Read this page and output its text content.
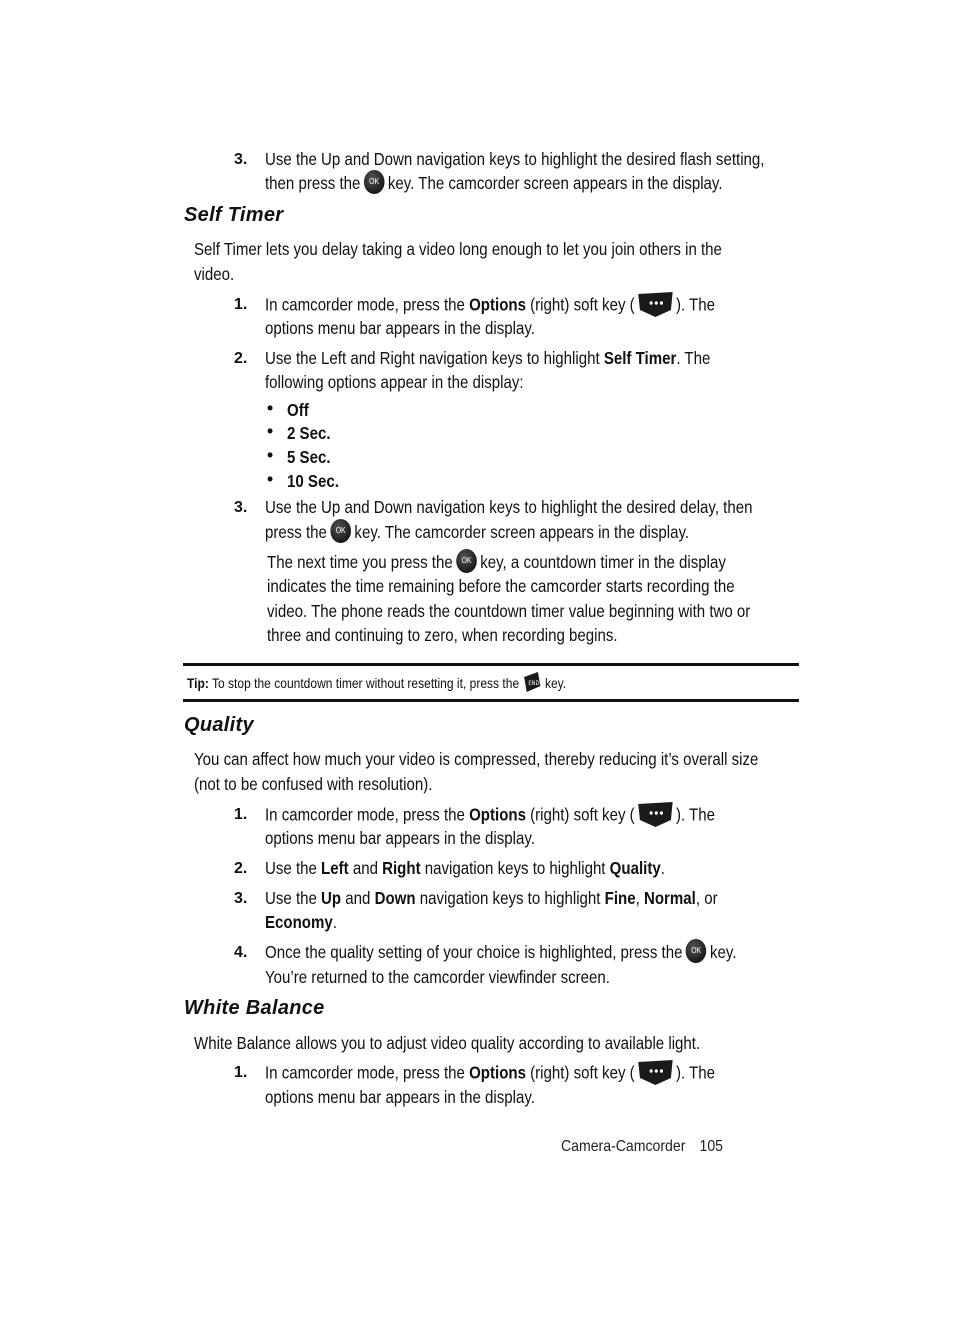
3. Use the Up and Down navigation keys to highlight the desired flash setting,
then press the OK key. The camcorder screen appears in the display.
Self Timer
Self Timer lets you delay taking a video long enough to let you join others in the
video.
1. In camcorder mode, press the Options (right) soft key ( ). The
options menu bar appears in the display.
2. Use the Left and Right navigation keys to highlight Self Timer. The
following options appear in the display:
• Off
• 2 Sec.
• 5 Sec.
• 10 Sec.
3. Use the Up and Down navigation keys to highlight the desired delay, then
press the OK key. The camcorder screen appears in the display.
The next time you press the OK key, a countdown timer in the display
indicates the time remaining before the camcorder starts recording the
video. The phone reads the countdown timer value beginning with two or
three and continuing to zero, when recording begins.
Tip: To stop the countdown timer without resetting it, press the END key.
Quality
You can affect how much your video is compressed, thereby reducing it’s overall size
(not to be confused with resolution).
1. In camcorder mode, press the Options (right) soft key ( ). The
options menu bar appears in the display.
2. Use the Left and Right navigation keys to highlight Quality.
3. Use the Up and Down navigation keys to highlight Fine, Normal, or
Economy.
4. Once the quality setting of your choice is highlighted, press the OK key.
You’re returned to the camcorder viewfinder screen.
White Balance
White Balance allows you to adjust video quality according to available light.
1. In camcorder mode, press the Options (right) soft key ( ). The
options menu bar appears in the display.
Camera-Camcorder 105
